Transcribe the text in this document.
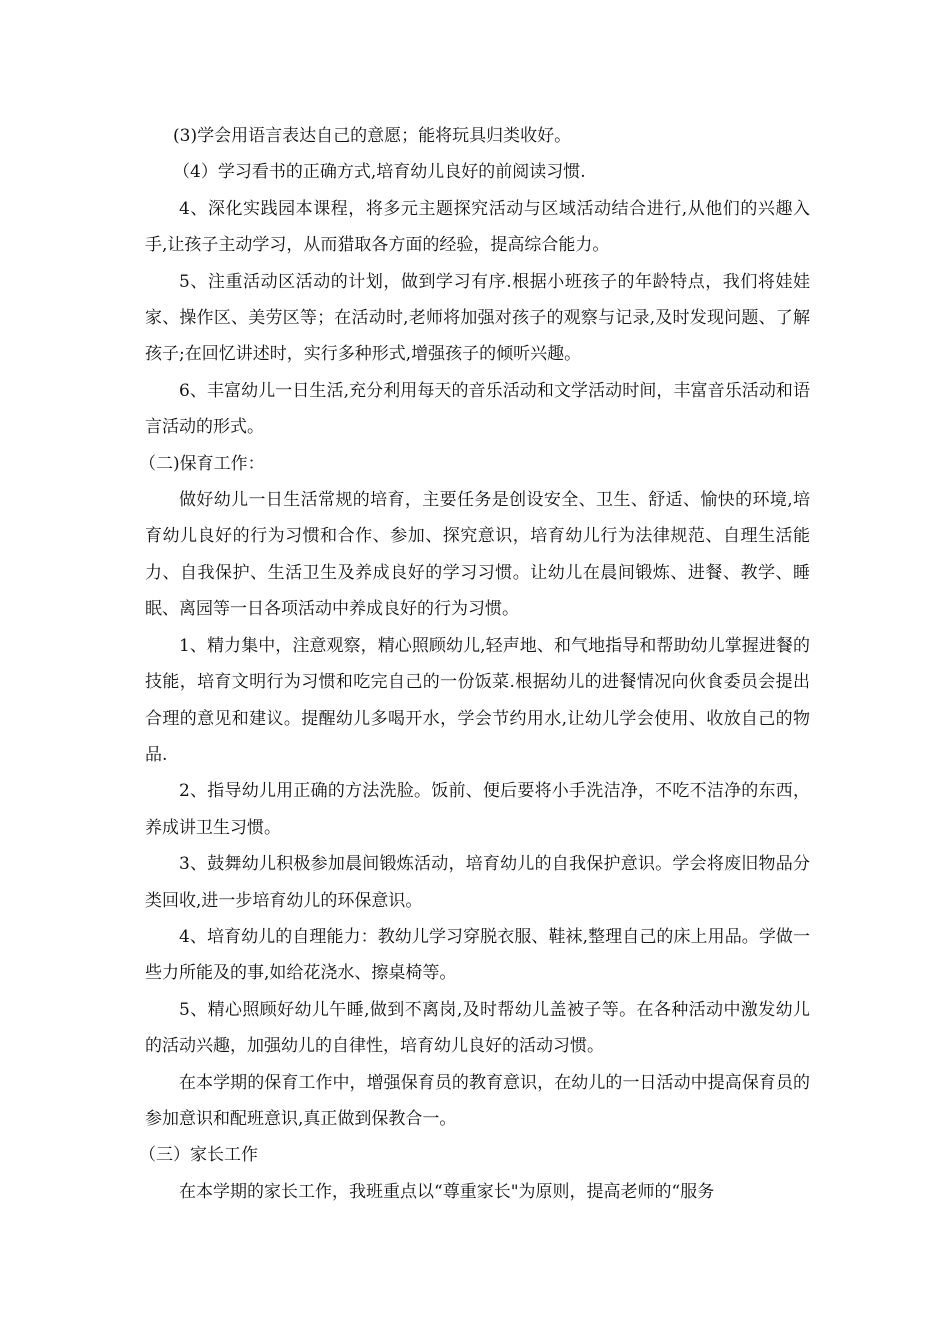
(3)学会用语言表达自己的意愿；能将玩具归类收好。

（4）学习看书的正确方式,培育幼儿良好的前阅读习惯.

4、深化实践园本课程，将多元主题探究活动与区域活动结合进行,从他们的兴趣入手,让孩子主动学习，从而猎取各方面的经验，提高综合能力。

5、注重活动区活动的计划，做到学习有序.根据小班孩子的年龄特点，我们将娃娃家、操作区、美劳区等；在活动时,老师将加强对孩子的观察与记录,及时发现问题、了解孩子;在回忆讲述时，实行多种形式,增强孩子的倾听兴趣。

6、丰富幼儿一日生活,充分利用每天的音乐活动和文学活动时间，丰富音乐活动和语言活动的形式。

（二)保育工作：

做好幼儿一日生活常规的培育，主要任务是创设安全、卫生、舒适、愉快的环境,培育幼儿良好的行为习惯和合作、参加、探究意识，培育幼儿行为法律规范、自理生活能力、自我保护、生活卫生及养成良好的学习习惯。让幼儿在晨间锻炼、进餐、教学、睡眠、离园等一日各项活动中养成良好的行为习惯。

1、精力集中，注意观察，精心照顾幼儿,轻声地、和气地指导和帮助幼儿掌握进餐的技能，培育文明行为习惯和吃完自己的一份饭菜.根据幼儿的进餐情况向伙食委员会提出合理的意见和建议。提醒幼儿多喝开水，学会节约用水,让幼儿学会使用、收放自己的物品.

2、指导幼儿用正确的方法洗脸。饭前、便后要将小手洗洁净，不吃不洁净的东西，养成讲卫生习惯。

3、鼓舞幼儿积极参加晨间锻炼活动，培育幼儿的自我保护意识。学会将废旧物品分类回收,进一步培育幼儿的环保意识。

4、培育幼儿的自理能力：教幼儿学习穿脱衣服、鞋袜,整理自己的床上用品。学做一些力所能及的事,如给花浇水、擦桌椅等。

5、精心照顾好幼儿午睡,做到不离岗,及时帮幼儿盖被子等。在各种活动中激发幼儿的活动兴趣，加强幼儿的自律性，培育幼儿良好的活动习惯。

在本学期的保育工作中，增强保育员的教育意识，在幼儿的一日活动中提高保育员的参加意识和配班意识,真正做到保教合一。

（三）家长工作

在本学期的家长工作，我班重点以“尊重家长"为原则，提高老师的“服务
